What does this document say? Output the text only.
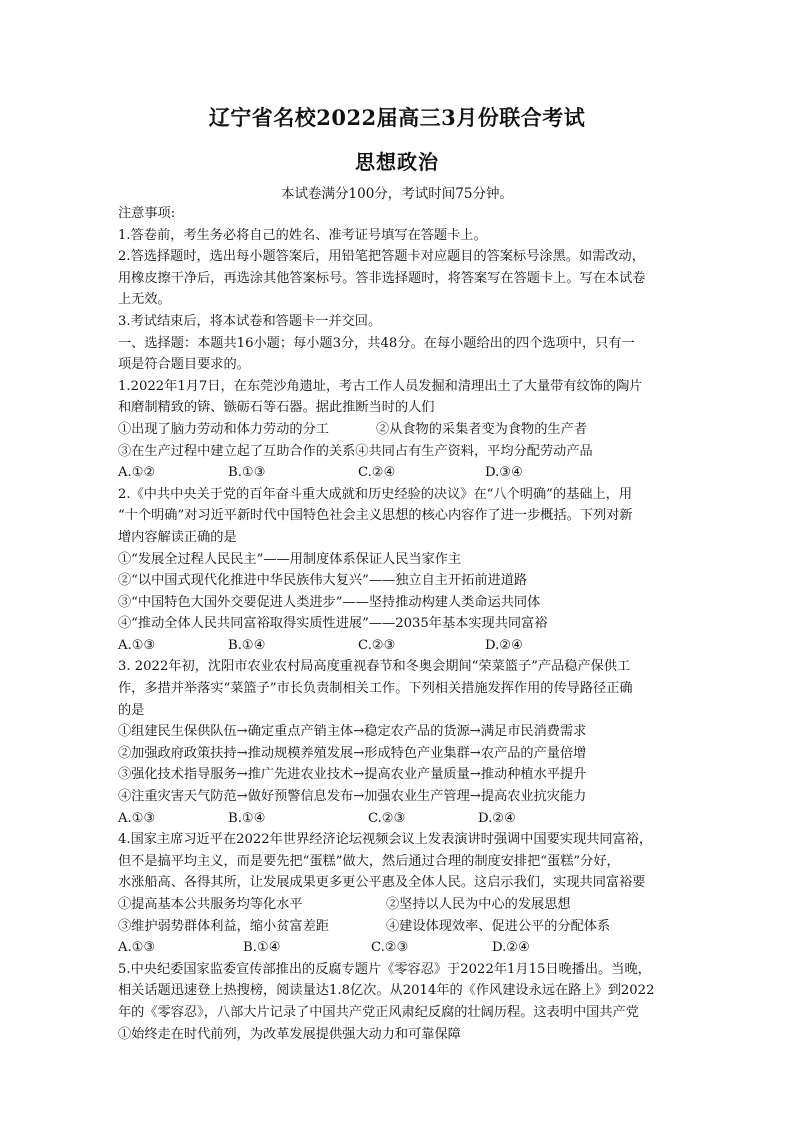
辽宁省名校2022届高三3月份联合考试
思想政治
本试卷满分100分，考试时间75分钟。
注意事项:
1.答卷前，考生务必将自己的姓名、准考证号填写在答题卡上。
2.答选择题时，选出每小题答案后，用铅笔把答题卡对应题目的答案标号涂黑。如需改动，
用橡皮擦干净后，再选涂其他答案标号。答非选择题时，将答案写在答题卡上。写在本试卷
上无效。
3.考试结束后，将本试卷和答题卡一并交回。
一、选择题：本题共16小题；每小题3分，共48分。在每小题给出的四个选项中，只有一
项是符合题目要求的。
1.2022年1月7日，在东莞沙角遗址，考古工作人员发掘和清理出土了大量带有纹饰的陶片
和磨制精致的锛、镞砺石等石器。据此推断当时的人们
①出现了脑力劳动和体力劳动的分工	②从食物的采集者变为食物的生产者
③在生产过程中建立起了互助合作的关系 ④共同占有生产资料，平均分配劳动产品
A.①②	B.①③	C.②④	D.③④
2.《中共中央关于党的百年奋斗重大成就和历史经验的决议》在“八个明确”的基础上，用
“十个明确”对习近平新时代中国特色社会主义思想的核心内容作了进一步概括。下列对新
增内容解读正确的是
①“发展全过程人民民主”——用制度体系保证人民当家作主
②“以中国式现代化推进中华民族伟大复兴”——独立自主开拓前进道路
③“中国特色大国外交要促进人类进步”——坚持推动构建人类命运共同体
④“推动全体人民共同富裕取得实质性进展”——2035年基本实现共同富裕
A.①③	B.①④	C.②③	D.②④
3. 2022年初，沈阳市农业农村局高度重视春节和冬奥会期间“荣菜篮子”产品稳产保供工
作，多措并举落实“菜篮子”市长负责制相关工作。下列相关措施发挥作用的传导路径正确
的是
①组建民生保供队伍→确定重点产销主体→稳定农产品的货源→满足市民消费需求
②加强政府政策扶持→推动规模养殖发展→形成特色产业集群→农产品的产量倍增
③强化技术指导服务→推广先进农业技术→提高农业产量质量→推动种植水平提升
④注重灾害天气防范→做好预警信息发布→加强农业生产管理→提高农业抗灾能力
A.①③	B.①④	C.②③	D.②④
4.国家主席习近平在2022年世界经济论坛视频会议上发表演讲时强调中国要实现共同富裕，
但不是搞平均主义，而是要先把“蛋糕”做大，然后通过合理的制度安排把“蛋糕”分好，
水涨船高、各得其所，让发展成果更多更公平惠及全体人民。这启示我们，实现共同富裕要
①提高基本公共服务均等化水平	②坚持以人民为中心的发展思想
③维护弱势群体利益，缩小贫富差距	④建设体现效率、促进公平的分配体系
A.①③	B.①④	C.②③	D.②④
5.中央纪委国家监委宣传部推出的反腐专题片《零容忍》于2022年1月15日晚播出。当晚，
相关话题迅速登上热搜榜，阅读量达1.8亿次。从2014年的《作风建设永远在路上》到2022
年的《零容忍》，八部大片记录了中国共产党正风肃纪反腐的壮阔历程。这表明中国共产党
①始终走在时代前列，为改革发展提供强大动力和可靠保障
